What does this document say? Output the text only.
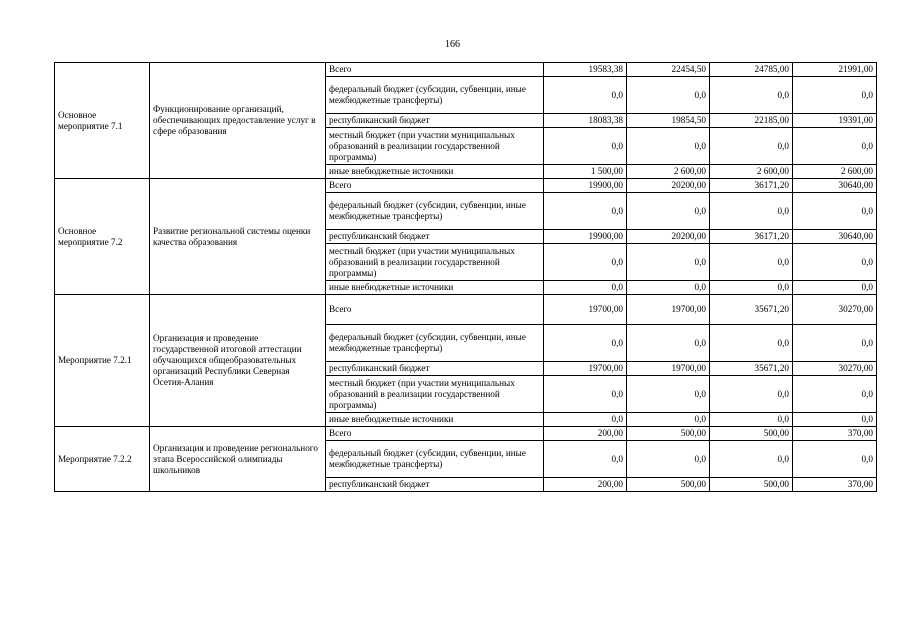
166
Основное мероприятие 7.1	Функционирование организаций, обеспечивающих предоставление услуг в сфере образования	Всего	19583,38	22454,50	24785,00	21991,00
		федеральный бюджет (субсидии, субвенции, иные межбюджетные трансферты)	0,0	0,0	0,0	0,0
		республиканский бюджет	18083,38	19854,50	22185,00	19391,00
		местный бюджет (при участии муниципальных образований в реализации государственной программы)	0,0	0,0	0,0	0,0
		иные внебюджетные источники	1 500,00	2 600,00	2 600,00	2 600,00
Основное мероприятие 7.2	Развитие региональной системы оценки качества образования	Всего	19900,00	20200,00	36171,20	30640,00
		федеральный бюджет (субсидии, субвенции, иные межбюджетные трансферты)	0,0	0,0	0,0	0,0
		республиканский бюджет	19900,00	20200,00	36171,20	30640,00
		местный бюджет (при участии муниципальных образований в реализации государственной программы)	0,0	0,0	0,0	0,0
		иные внебюджетные источники	0,0	0,0	0,0	0,0
Мероприятие 7.2.1	Организация и проведение государственной итоговой аттестации обучающихся общеобразовательных организаций Республики Северная Осетия-Алания	Всего	19700,00	19700,00	35671,20	30270,00
		федеральный бюджет (субсидии, субвенции, иные межбюджетные трансферты)	0,0	0,0	0,0	0,0
		республиканский бюджет	19700,00	19700,00	35671,20	30270,00
		местный бюджет (при участии муниципальных образований в реализации государственной программы)	0,0	0,0	0,0	0,0
		иные внебюджетные источники	0,0	0,0	0,0	0,0
Мероприятие 7.2.2	Организация и проведение регионального этапа Всероссийской олимпиады школьников	Всего	200,00	500,00	500,00	370,00
		федеральный бюджет (субсидии, субвенции, иные межбюджетные трансферты)	0,0	0,0	0,0	0,0
		республиканский бюджет	200,00	500,00	500,00	370,00
